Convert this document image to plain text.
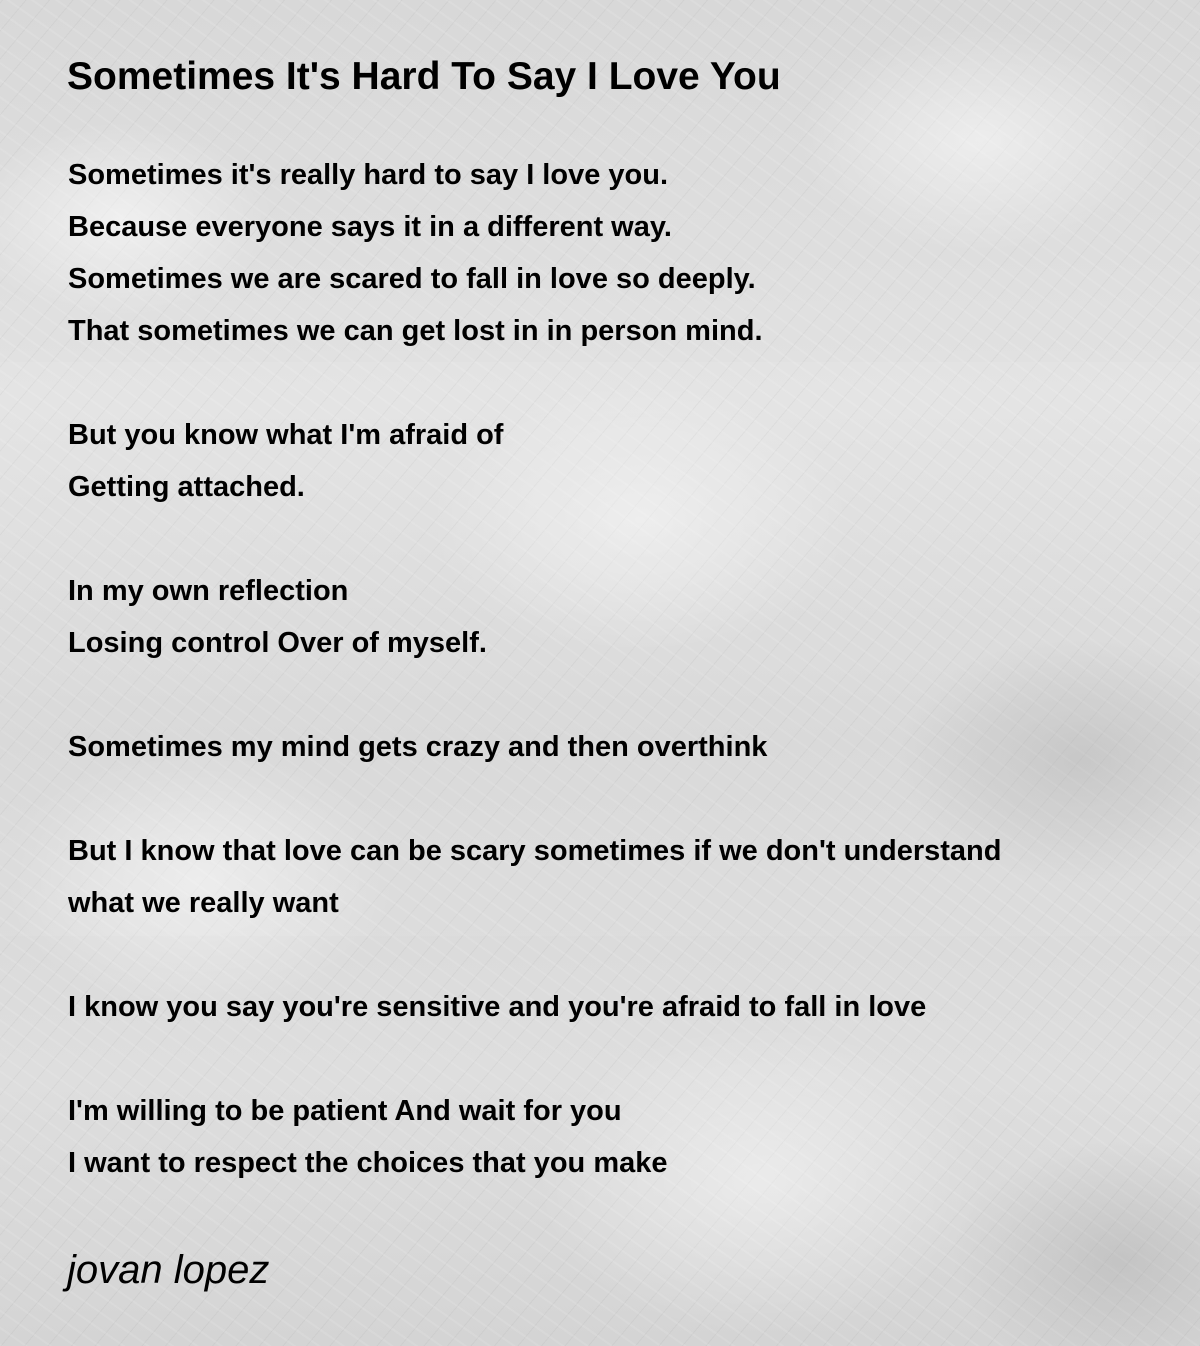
Sometimes It's Hard To Say I Love You

Sometimes it's really hard to say I love you.
Because everyone says it in a different way.
Sometimes we are scared to fall in love so deeply.
That sometimes we can get lost in in person mind.

But you know what I'm afraid of
Getting attached.

In my own reflection
Losing control Over of myself.

Sometimes my mind gets crazy and then overthink

But I know that love can be scary sometimes if we don't understand
what we really want

I know you say you're sensitive and you're afraid to fall in love

I'm willing to be patient And wait for you
I want to respect the choices that you make

jovan lopez
